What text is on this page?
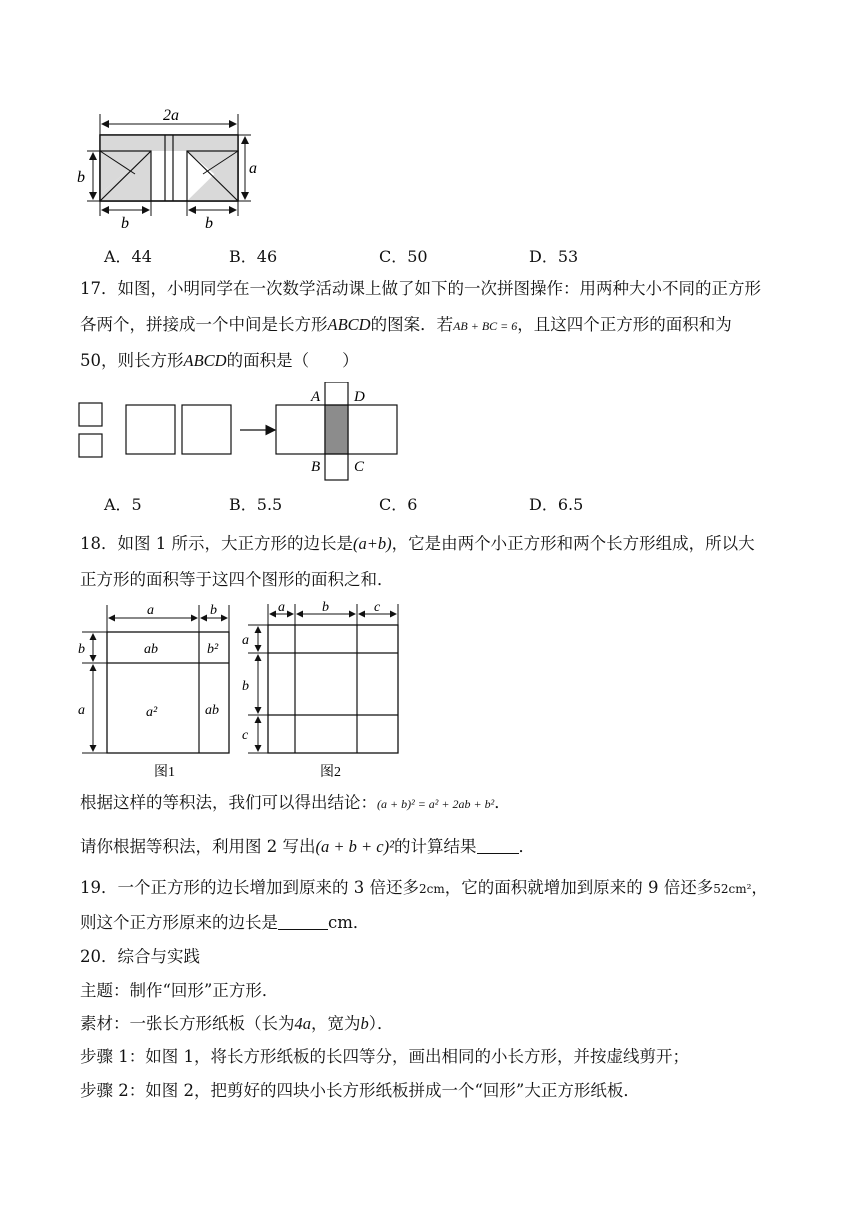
2a
b
a
b	b
A．44	B．46	C．50	D．53
17．如图，小明同学在一次数学活动课上做了如下的一次拼图操作：用两种大小不同的正方形
各两个，拼接成一个中间是长方形ABCD的图案．若AB + BC = 6，且这四个正方形的面积和为
50，则长方形ABCD的面积是（　　）
A D
B C
A．5	B．5.5	C．6	D．6.5
18．如图 1 所示，大正方形的边长是(a+b)，它是由两个小正方形和两个长方形组成，所以大
正方形的面积等于这四个图形的面积之和．
a	b
b
a
ab	b²
a²	ab
图1
a	b	c
a
b
c
图2
根据这样的等积法，我们可以得出结论：(a + b)² = a² + 2ab + b²．
请你根据等积法，利用图 2 写出(a + b + c)²的计算结果	．
19．一个正方形的边长增加到原来的 3 倍还多2cm，它的面积就增加到原来的 9 倍还多52cm²，
则这个正方形原来的边长是	cm．
20．综合与实践
主题：制作“回形”正方形．
素材：一张长方形纸板（长为4a，宽为b）．
步骤 1：如图 1，将长方形纸板的长四等分，画出相同的小长方形，并按虚线剪开；
步骤 2：如图 2，把剪好的四块小长方形纸板拼成一个“回形”大正方形纸板．
